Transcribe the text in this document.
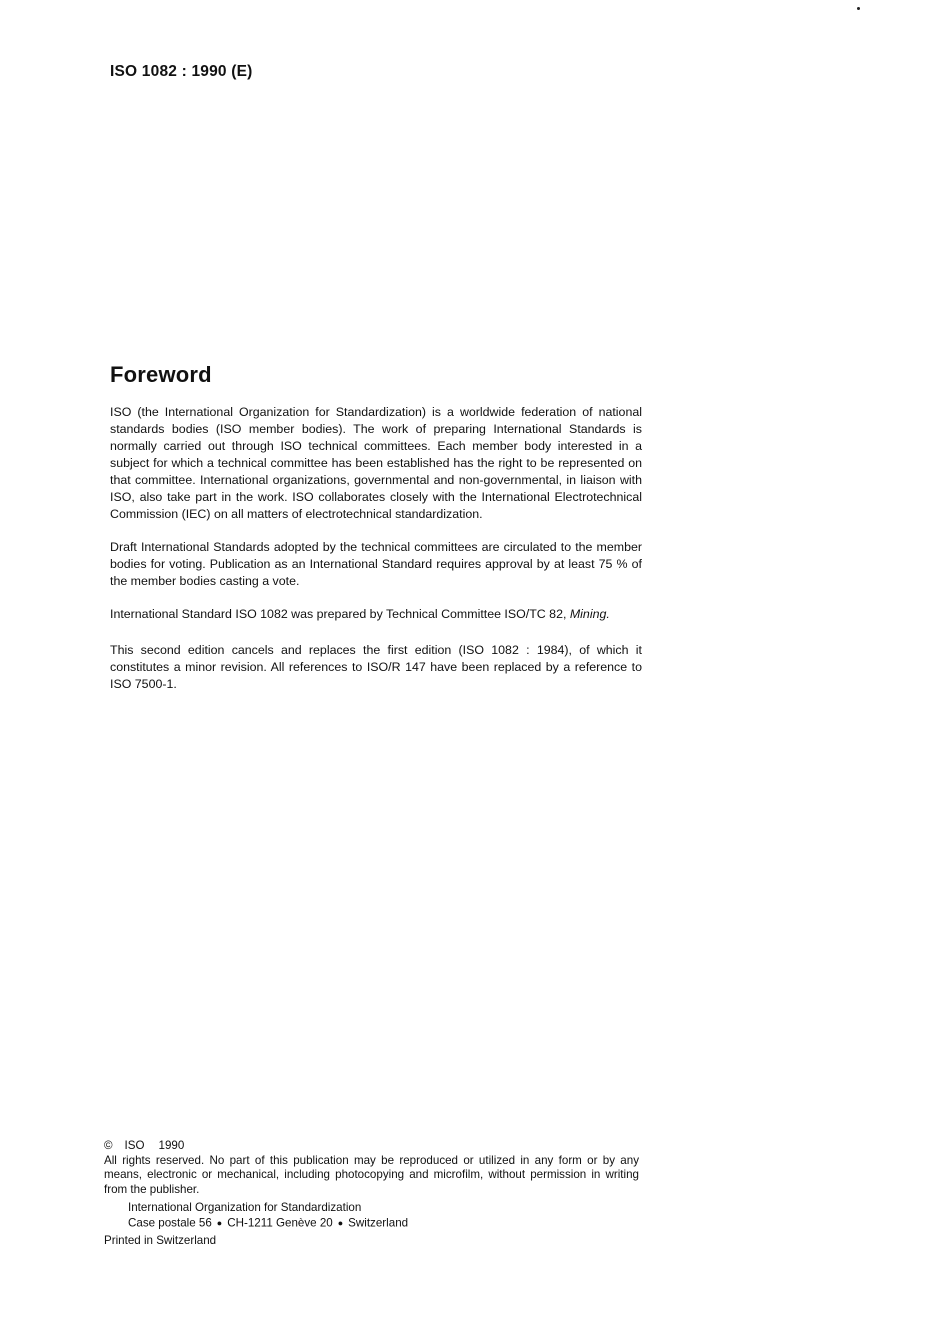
ISO 1082 : 1990 (E)
Foreword

ISO (the International Organization for Standardization) is a worldwide federation of national standards bodies (ISO member bodies). The work of preparing International Standards is normally carried out through ISO technical committees. Each member body interested in a subject for which a technical committee has been established has the right to be represented on that committee. International organizations, governmental and non-governmental, in liaison with ISO, also take part in the work. ISO collaborates closely with the International Electrotechnical Commission (IEC) on all matters of electrotechnical standardization.

Draft International Standards adopted by the technical committees are circulated to the member bodies for voting. Publication as an International Standard requires approval by at least 75 % of the member bodies casting a vote.

International Standard ISO 1082 was prepared by Technical Committee ISO/TC 82, Mining.

This second edition cancels and replaces the first edition (ISO 1082 : 1984), of which it constitutes a minor revision. All references to ISO/R 147 have been replaced by a reference to ISO 7500-1.

© ISO 1990
All rights reserved. No part of this publication may be reproduced or utilized in any form or by any means, electronic or mechanical, including photocopying and microfilm, without permission in writing from the publisher.
International Organization for Standardization
Case postale 56 ● CH-1211 Genève 20 ● Switzerland
Printed in Switzerland
